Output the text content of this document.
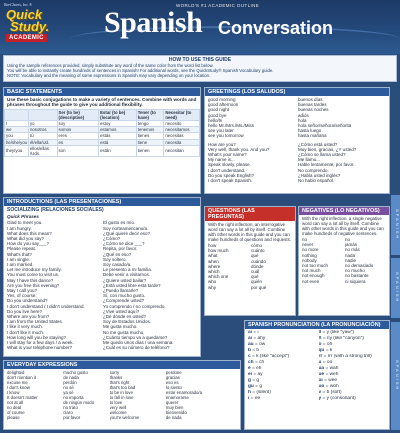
BarCharts, Inc.®
Quick
Study.
ACADEMIC
WORLD'S #1 ACADEMIC OUTLINE
Spanish Conversation
HOW TO USE THIS GUIDE

Using the sample references provided, simply substitute any word of the same color from the word list below.

You will be able to instantly create hundreds of sentences in Spanish! For additional words, see the QuickStudy® Spanish Vocabulary guide.

NOTE: Vocabulary and the meaning of some expressions in Spanish may vary depending on your location.

BASIC STATEMENTS
Use these basic conjugations to make a variety of sentences. Combine with words and phrases throughout the guide to give you additional flexibility.
		Ser (to be) (descriptive)	Estar (to be) (location)	Tener (to have)	Necesitar (to need)
I	yo	soy	estoy	tengo	necesito
we	nosotros	somos	estamos	tenemos	necesitamos
you	tú	eres	estás	tienes	necesitas
he/she/you	él/ella/Ud.	es	está	tiene	necesita
they/you	ellos/ellas /Uds.	son	están	tienen	necesitan
GREETINGS (LOS SALUDOS)
good morning	buenos días
good afternoon	buenas tardes
good night	buenas noches
good bye	adiós
hello/hi	hola
hello Mr./Mrs./Ms./Miss	hola señor/señora/señorita
see you later	hasta luego
see you tomorrow	hasta mañana
How are you?	¿Cómo está usted?
Very well, thank you. And you?	Muy bien, gracias, ¿Y usted?
What's your name?	¿Cómo se llama usted?
My name is...	Me llamo...
Speak slowly, please.	Hable lentamente, por favor.
I don't understand.	No comprendo.
Do you speak English?	¿Habla usted inglés?
I don't speak Spanish.	No hablo español.
INTRODUCTIONS (LAS PRESENTACIONES)
SOCIALIZING (RELACIONES SOCIALES)
Quick Phrases
Glad to meet you.	El gusto es mío.
I am hungry.	Soy norteamericano/a.
What does this mean?	¿Qué quiere decir eso?
What did you say?	¿Cómo?
How do you say___?	¿Cómo se dice ___?
Please repeat.	Repita, por favor.
What's that?	¿Qué es eso?
I am single.	Soy soltero.
I am married.	Soy casado/a.
Let me introduce my family.	Le presento a mi familia.
You must come to visit us.	Debe venir a visitarnos.
May I have this dance?	¿Quiere usted bailar?
Are you free this evening?	¿Está usted libre esta tarde?
May I call you?	¿Puedo llamarle?
Yes, of course.	Sí, con mucho gusto.
Do you understand?	¿Comprende usted?
I don't understand / I didn't understand.	Yo comprendo / no comprendo.
Do you live here?	¿Vive usted aquí?
Where are you from?	¿De dónde es usted?
I am from the United States.	Soy de Estados Unidos.
I like it very much.	Me gusta mucho.
I don't like it much.	No me gusta mucho.
How long will you be staying?	¿Cuánto tiempo va a quedarse?
I will stay for a few days / a week.	Me quedo unos días / una semana.
What is your telephone number?	¿Cuál es su número de teléfono?
QUESTIONS (LAS PREGUNTAS)
With the right inflection, an interrogative word can say a lot all by itself. Combine with other words in this guide and you can make hundreds of questions and requests.
how	cómo
how much	cuánto
what	qué
when	cuándo
where	dónde
which	cuál
which one	qué
who	quién
why	por qué
NEGATIVES (LO NEGATIVOS)
With the right inflection, a single negative word can say a lot all by itself. Combine with other words in this guide and you can make hundreds of negative sentences.
no	no
never	jamás
no more	no más
nothing	nada
nobody	nadie
not too much	no demasiado
not much	no mucho
not enough	no bastante
not even	ni siquiera
SPANISH PRONUNCIATION (LA PRONUNCIACIÓN)
ai = i	ll = y (like "yaw")
ai = ahy	ñ = ny (like "canyon")
au = ow	o = oh
b = b	qu = k
c = k (like "accept")	rr = rrr (with a strong trill)
ch = ch	u = oo
e = eh	ua = wah
ei = ay	ue = weh
g = g	ui = wee
gu = g	uo = woh
h = (silent)	v = b (soft)
i = ee	y = y (consonant)
EVERYDAY EXPRESSIONS
delighted	mucho gusto	sorry	perdone
don't mention it	de nada	thanks	gracias
excuse me	perdón	that's right	eso es
I don't know	no sé	that's too bad	lo siento
I know	ya sé	to be in love	estar enamorado/a
It doesn't matter	no importa	to fall in love	enamorarse
not at all	de ningún modo	to love	querer
no deal	no trato	very well	muy bien
of course	claro	welcome	bienvenido
please	por favor	you're welcome	de nada
SPANISH
SPANISH
SPANISH
